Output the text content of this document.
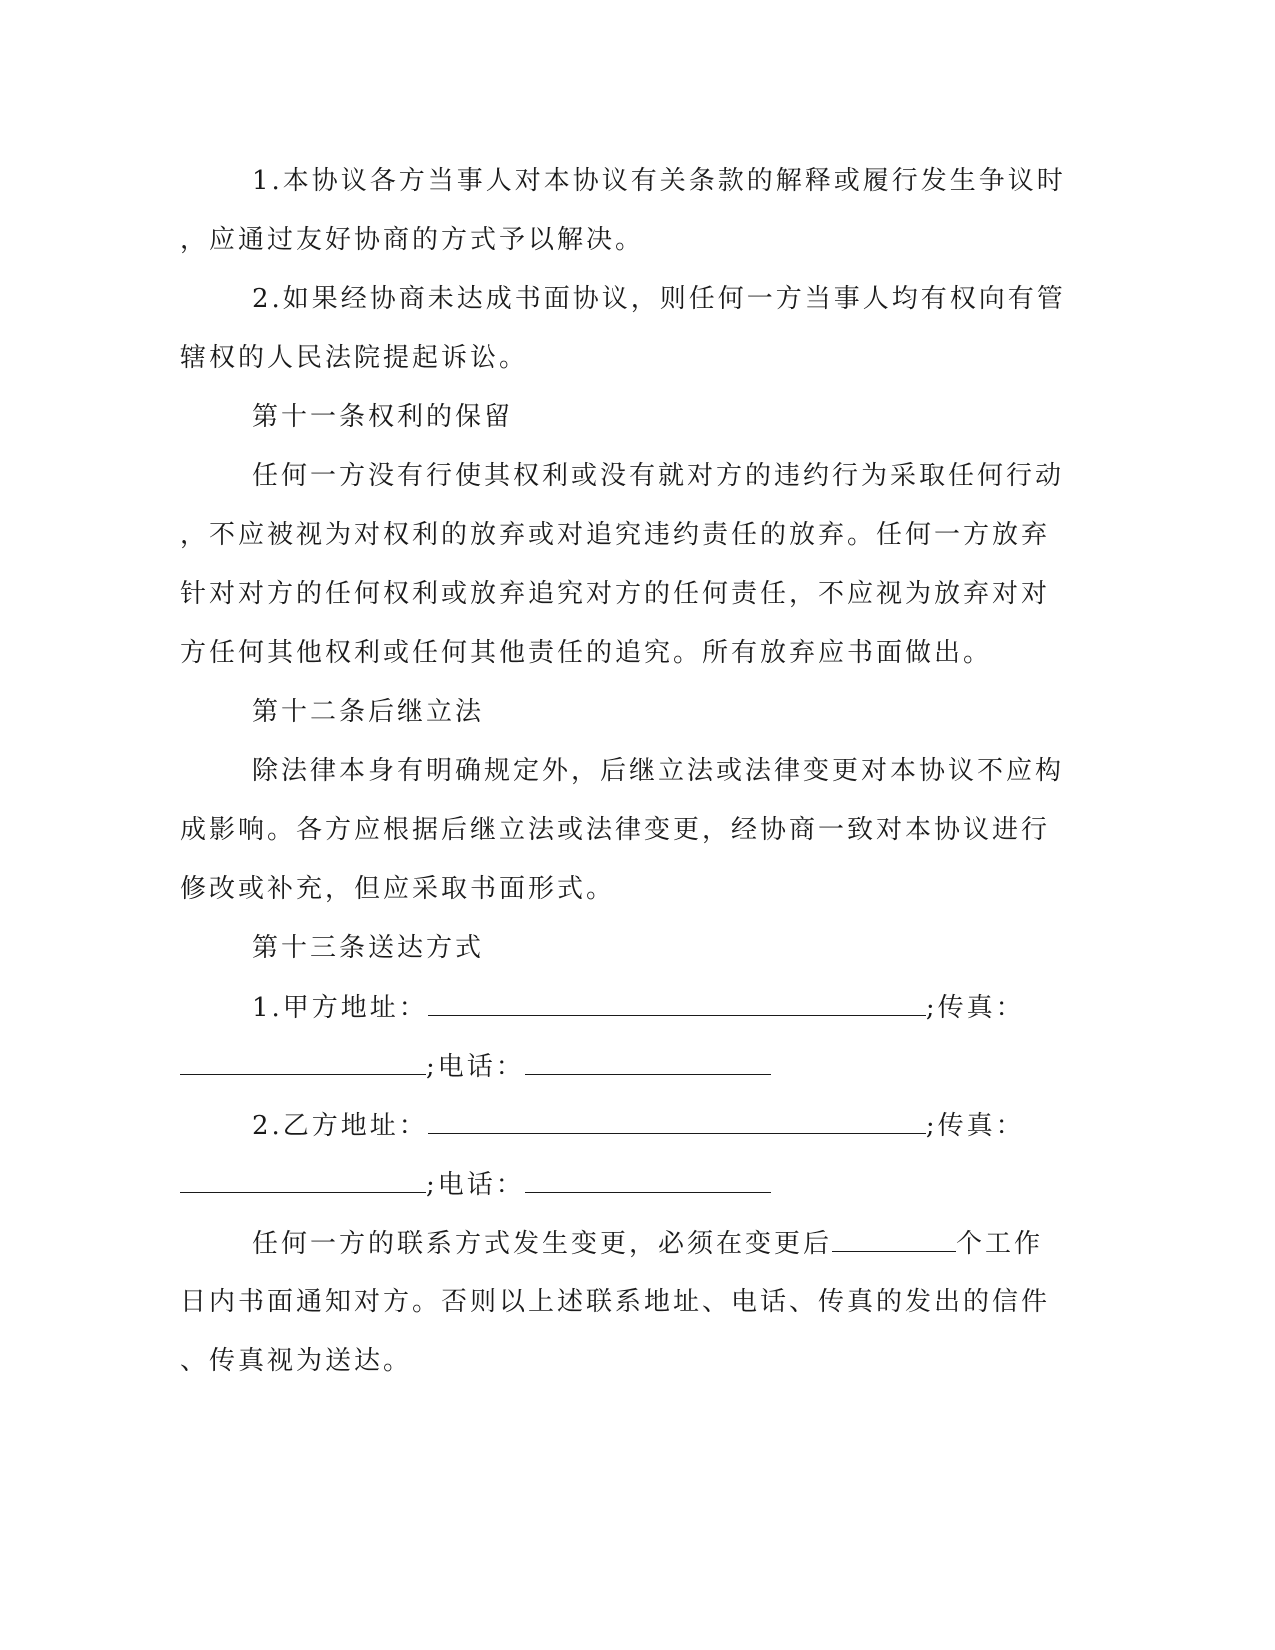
1.本协议各方当事人对本协议有关条款的解释或履行发生争议时
，应通过友好协商的方式予以解决。
2.如果经协商未达成书面协议，则任何一方当事人均有权向有管
辖权的人民法院提起诉讼。
第十一条权利的保留
任何一方没有行使其权利或没有就对方的违约行为采取任何行动
，不应被视为对权利的放弃或对追究违约责任的放弃。任何一方放弃
针对对方的任何权利或放弃追究对方的任何责任，不应视为放弃对对
方任何其他权利或任何其他责任的追究。所有放弃应书面做出。
第十二条后继立法
除法律本身有明确规定外，后继立法或法律变更对本协议不应构
成影响。各方应根据后继立法或法律变更，经协商一致对本协议进行
修改或补充，但应采取书面形式。
第十三条送达方式
1.甲方地址：	;传真：
;电话：
2.乙方地址：	;传真：
;电话：
任何一方的联系方式发生变更，必须在变更后	个工作
日内书面通知对方。否则以上述联系地址、电话、传真的发出的信件
、传真视为送达。
